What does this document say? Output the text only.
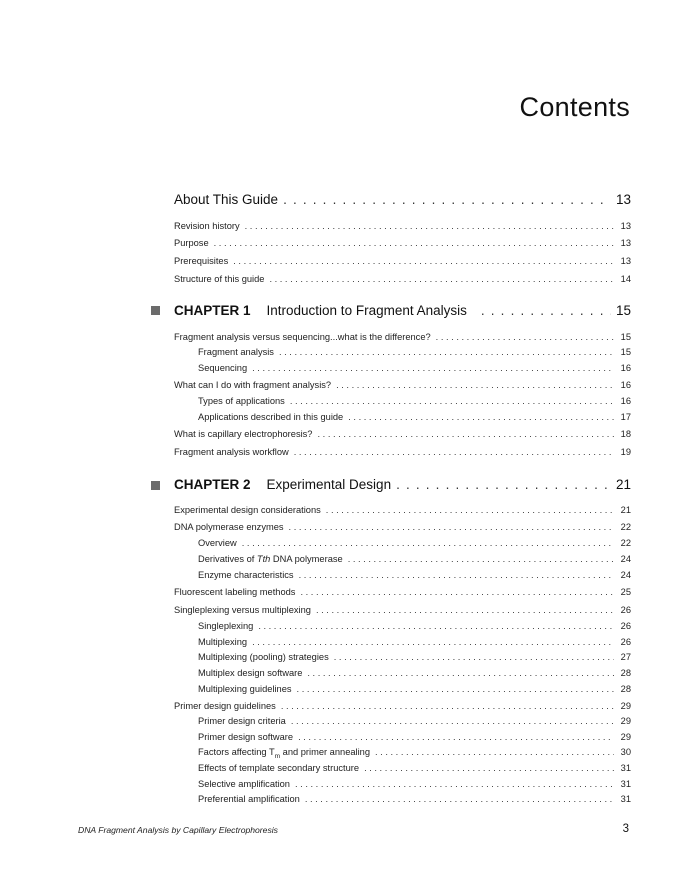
Contents
About This Guide . . .	13
Revision history . . .	13
Purpose . . .	13
Prerequisites . . .	13
Structure of this guide . . .	14
CHAPTER 1 Introduction to Fragment Analysis . . .	15
Fragment analysis versus sequencing...what is the difference? . . .	15
Fragment analysis . . .	15
Sequencing . . .	16
What can I do with fragment analysis? . . .	16
Types of applications . . .	16
Applications described in this guide . . .	17
What is capillary electrophoresis? . . .	18
Fragment analysis workflow . . .	19
CHAPTER 2 Experimental Design . . .	21
Experimental design considerations . . .	21
DNA polymerase enzymes . . .	22
Overview . . .	22
Derivatives of Tth DNA polymerase . . .	24
Enzyme characteristics . . .	24
Fluorescent labeling methods . . .	25
Singleplexing versus multiplexing . . .	26
Singleplexing . . .	26
Multiplexing . . .	26
Multiplexing (pooling) strategies . . .	27
Multiplex design software . . .	28
Multiplexing guidelines . . .	28
Primer design guidelines . . .	29
Primer design criteria . . .	29
Primer design software . . .	29
Factors affecting $T_m$ and primer annealing . . .	30
Effects of template secondary structure . . .	31
Selective amplification . . .	31
Preferential amplification . . .	31
DNA Fragment Analysis by Capillary Electrophoresis	3
